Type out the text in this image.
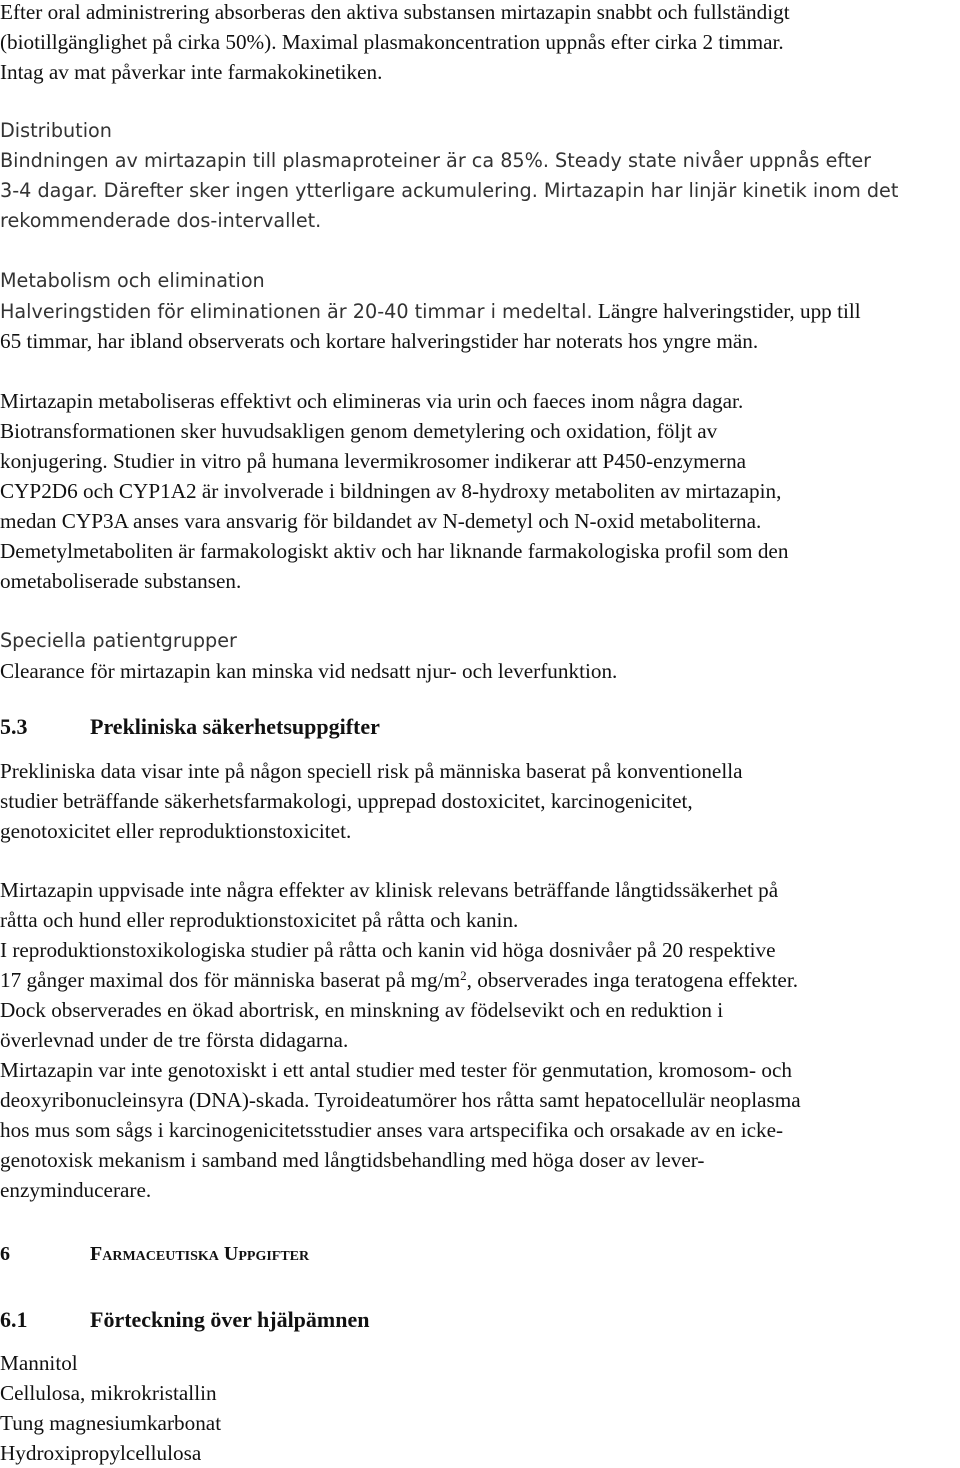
Efter oral administrering absorberas den aktiva substansen mirtazapin snabbt och fullständigt
(biotillgänglighet på cirka 50%). Maximal plasmakoncentration uppnås efter cirka 2 timmar.
Intag av mat påverkar inte farmakokinetiken.
Distribution
Bindningen av mirtazapin till plasmaproteiner är ca 85%. Steady state nivåer uppnås efter
3-4 dagar. Därefter sker ingen ytterligare ackumulering. Mirtazapin har linjär kinetik inom det
rekommenderade dos-intervallet.
Metabolism och elimination
Halveringstiden för eliminationen är 20-40 timmar i medeltal. Längre halveringstider, upp till
65 timmar, har ibland observerats och kortare halveringstider har noterats hos yngre män.
Mirtazapin metaboliseras effektivt och elimineras via urin och faeces inom några dagar.
Biotransformationen sker huvudsakligen genom demetylering och oxidation, följt av
konjugering. Studier in vitro på humana levermikrosomer indikerar att P450-enzymerna
CYP2D6 och CYP1A2 är involverade i bildningen av 8-hydroxy metaboliten av mirtazapin,
medan CYP3A anses vara ansvarig för bildandet av N-demetyl och N-oxid metaboliterna.
Demetylmetaboliten är farmakologiskt aktiv och har liknande farmakologiska profil som den
ometaboliserade substansen.
Speciella patientgrupper
Clearance för mirtazapin kan minska vid nedsatt njur- och leverfunktion.
5.3	Prekliniska säkerhetsuppgifter
Prekliniska data visar inte på någon speciell risk på människa baserat på konventionella
studier beträffande säkerhetsfarmakologi, upprepad dostoxicitet, karcinogenicitet,
genotoxicitet eller reproduktionstoxicitet.
Mirtazapin uppvisade inte några effekter av klinisk relevans beträffande långtidssäkerhet på
råtta och hund eller reproduktionstoxicitet på råtta och kanin.
I reproduktionstoxikologiska studier på råtta och kanin vid höga dosnivåer på 20 respektive
17 gånger maximal dos för människa baserat på $mg/m^2$, observerades inga teratogena effekter.
Dock observerades en ökad abortrisk, en minskning av födelsevikt och en reduktion i
överlevnad under de tre första didagarna.
Mirtazapin var inte genotoxiskt i ett antal studier med tester för genmutation, kromosom- och
deoxyribonucleinsyra (DNA)-skada. Tyroideatumörer hos råtta samt hepatocellulär neoplasma
hos mus som sågs i karcinogenicitetsstudier anses vara artspecifika och orsakade av en icke-
genotoxisk mekanism i samband med långtidsbehandling med höga doser av lever-
enzyminducerare.
6	Farmaceutiska Uppgifter
6.1	Förteckning över hjälpämnen
Mannitol
Cellulosa, mikrokristallin
Tung magnesiumkarbonat
Hydroxipropylcellulosa
